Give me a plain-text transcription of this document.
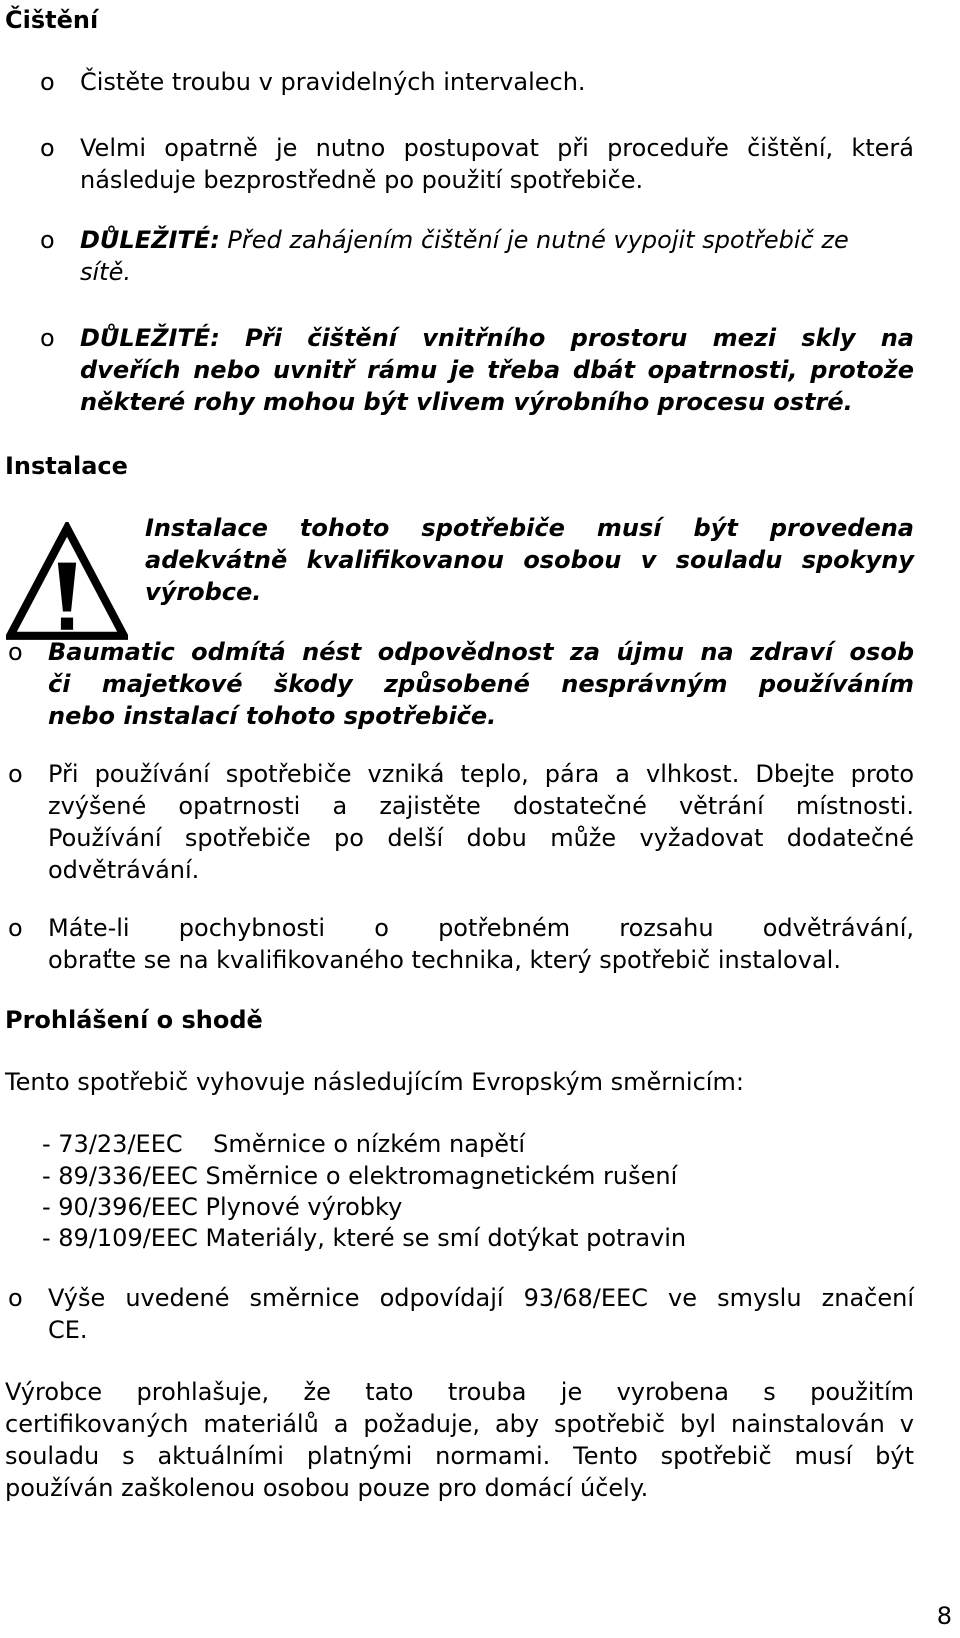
Čištění
o Čistěte troubu v pravidelných intervalech.

o Velmi opatrně je nutno postupovat při proceduře čištění, která
následuje bezprostředně po použití spotřebiče.

o DŮLEŽITÉ: Před zahájením čištění je nutné vypojit spotřebič ze
sítě.

o DŮLEŽITÉ: Při čištění vnitřního prostoru mezi skly na
dveřích nebo uvnitř rámu je třeba dbát opatrnosti, protože
některé rohy mohou být vlivem výrobního procesu ostré.

Instalace

Instalace tohoto spotřebiče musí být provedena
adekvátně kvalifikovanou osobou v souladu spokyny
výrobce.

o Baumatic odmítá nést odpovědnost za újmu na zdraví osob
či majetkové škody způsobené nesprávným používáním
nebo instalací tohoto spotřebiče.

o Při používání spotřebiče vzniká teplo, pára a vlhkost. Dbejte proto
zvýšené opatrnosti a zajistěte dostatečné větrání místnosti.
Používání spotřebiče po delší dobu může vyžadovat dodatečné
odvětrávání.

o Máte-li pochybnosti o potřebném rozsahu odvětrávání,
obraťte se na kvalifikovaného technika, který spotřebič instaloval.

Prohlášení o shodě

Tento spotřebič vyhovuje následujícím Evropským směrnicím:

- 73/23/EEC    Směrnice o nízkém napětí
- 89/336/EEC Směrnice o elektromagnetickém rušení
- 90/396/EEC Plynové výrobky
- 89/109/EEC Materiály, které se smí dotýkat potravin
o Výše uvedené směrnice odpovídají 93/68/EEC ve smyslu značení
CE.

Výrobce prohlašuje, že tato trouba je vyrobena s použitím
certifikovaných materiálů a požaduje, aby spotřebič byl nainstalován v
souladu s aktuálními platnými normami. Tento spotřebič musí být
používán zaškolenou osobou pouze pro domácí účely.

8
